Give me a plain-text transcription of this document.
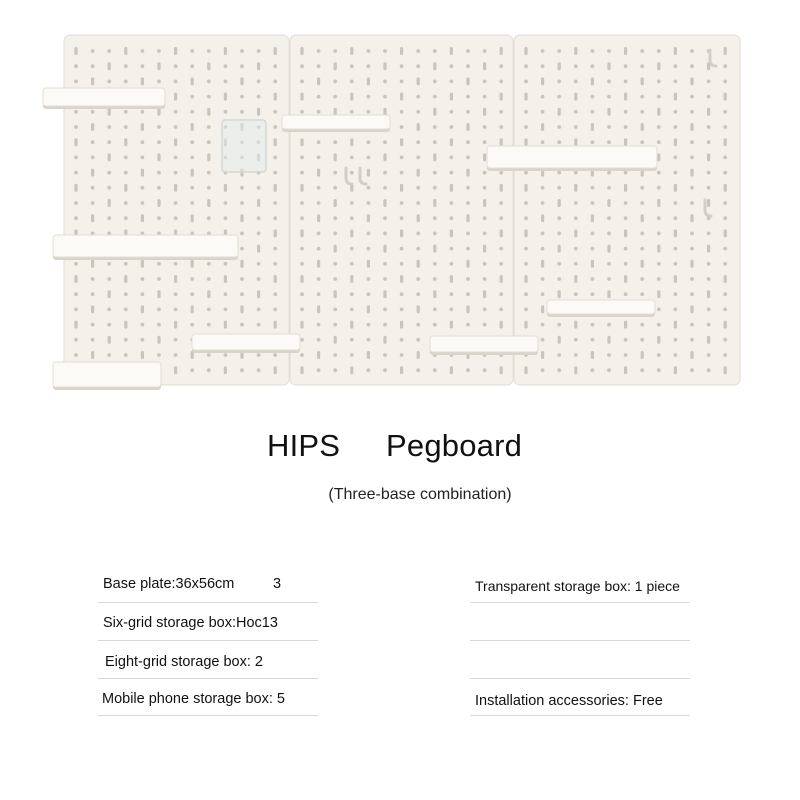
HIPS Pegboard
(Three-base combination)
Base plate:36x56cm	3
Six-grid storage box:Hoc13
Eight-grid storage box: 2
Mobile phone storage box: 5
Transparent storage box: 1 piece
Installation accessories: Free
